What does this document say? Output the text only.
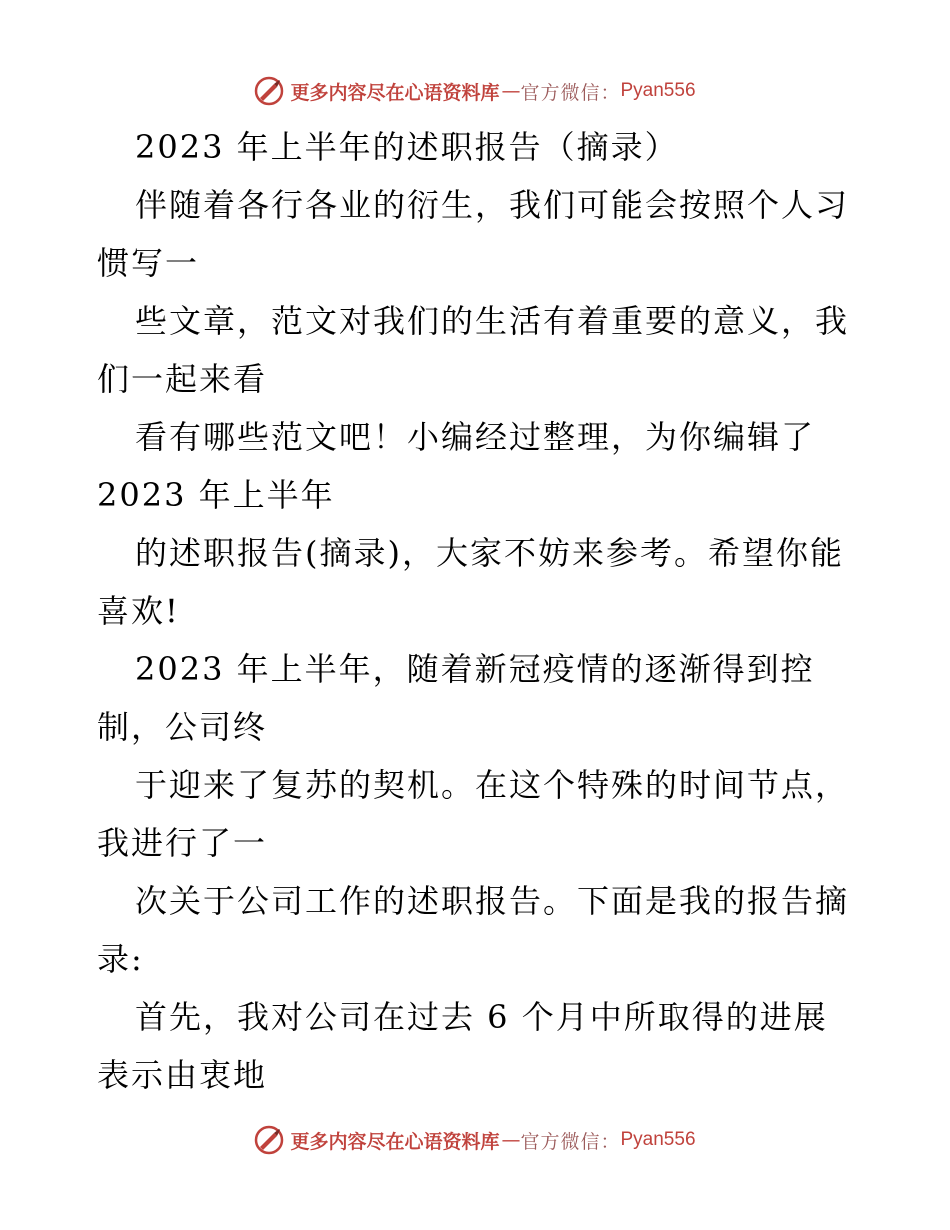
更多内容尽在心语资料库 — 官方微信： Pyan556
2023 年上半年的述职报告（摘录）
伴随着各行各业的衍生，我们可能会按照个人习
惯写一
些文章，范文对我们的生活有着重要的意义，我
们一起来看
看有哪些范文吧！小编经过整理，为你编辑了
2023 年上半年
的述职报告(摘录)，大家不妨来参考。希望你能
喜欢!
2023 年上半年，随着新冠疫情的逐渐得到控
制，公司终
于迎来了复苏的契机。在这个特殊的时间节点，
我进行了一
次关于公司工作的述职报告。下面是我的报告摘
录:
首先，我对公司在过去 6 个月中所取得的进展
表示由衷地
更多内容尽在心语资料库 — 官方微信： Pyan556
